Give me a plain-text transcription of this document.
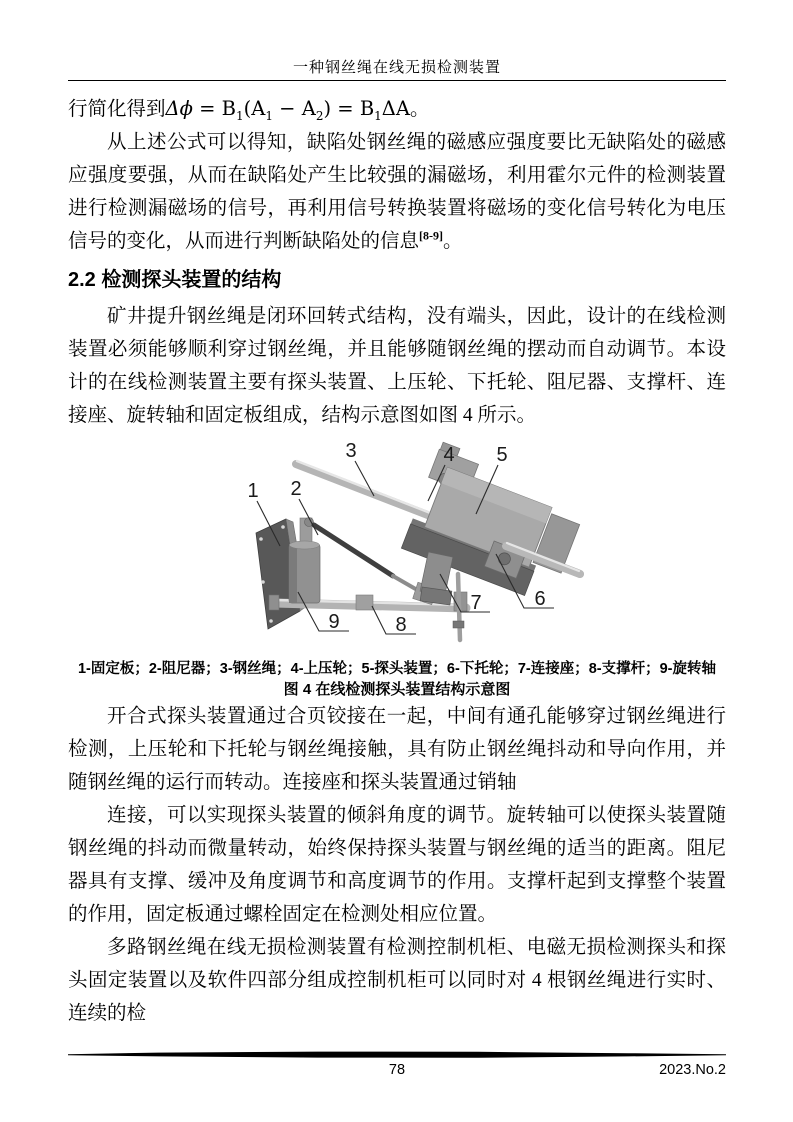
一种钢丝绳在线无损检测装置
行简化得到$\Delta\phi = B_1(A_1 - A_2) = B_1\Delta A$。

从上述公式可以得知，缺陷处钢丝绳的磁感应强度要比无缺陷处的磁感应强度要强，从而在缺陷处产生比较强的漏磁场，利用霍尔元件的检测装置进行检测漏磁场的信号，再利用信号转换装置将磁场的变化信号转化为电压信号的变化，从而进行判断缺陷处的信息[8-9]。

2.2 检测探头装置的结构

矿井提升钢丝绳是闭环回转式结构，没有端头，因此，设计的在线检测装置必须能够顺利穿过钢丝绳，并且能够随钢丝绳的摆动而自动调节。本设计的在线检测装置主要有探头装置、上压轮、下托轮、阻尼器、支撑杆、连接座、旋转轴和固定板组成，结构示意图如图 4 所示。

1 2
3	4 5
6
7
8
9
1-固定板；2-阻尼器；3-钢丝绳；4-上压轮；5-探头装置；6-下托轮；7-连接座；8-支撑杆；9-旋转轴
图 4 在线检测探头装置结构示意图

开合式探头装置通过合页铰接在一起，中间有通孔能够穿过钢丝绳进行检测，上压轮和下托轮与钢丝绳接触，具有防止钢丝绳抖动和导向作用，并随钢丝绳的运行而转动。连接座和探头装置通过销轴

连接，可以实现探头装置的倾斜角度的调节。旋转轴可以使探头装置随钢丝绳的抖动而微量转动，始终保持探头装置与钢丝绳的适当的距离。阻尼器具有支撑、缓冲及角度调节和高度调节的作用。支撑杆起到支撑整个装置的作用，固定板通过螺栓固定在检测处相应位置。

多路钢丝绳在线无损检测装置有检测控制机柜、电磁无损检测探头和探头固定装置以及软件四部分组成控制机柜可以同时对 4 根钢丝绳进行实时、连续的检

78	2023.No.2
